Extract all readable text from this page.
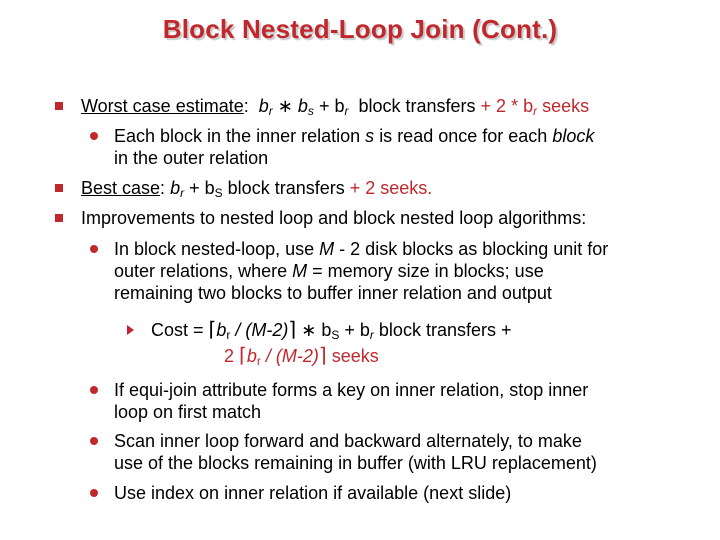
Block Nested-Loop Join (Cont.)
Worst case estimate: $b_r$ ∗ $b_s + b_r$ block transfers + $2 * b_r$ seeks
Each block in the inner relation s is read once for each block
in the outer relation
Best case: $b_r + b_S$ block transfers + 2 seeks.
Improvements to nested loop and block nested loop algorithms:
In block nested-loop, use M - 2 disk blocks as blocking unit for
outer relations, where M = memory size in blocks; use
remaining two blocks to buffer inner relation and output
Cost = $⌈b_r$ / (M-2)⌉ ∗ $b_S + b_r$ block transfers +
2 $⌈b_r$ / (M-2)⌉ seeks
If equi-join attribute forms a key on inner relation, stop inner
loop on first match
Scan inner loop forward and backward alternately, to make
use of the blocks remaining in buffer (with LRU replacement)
Use index on inner relation if available (next slide)
